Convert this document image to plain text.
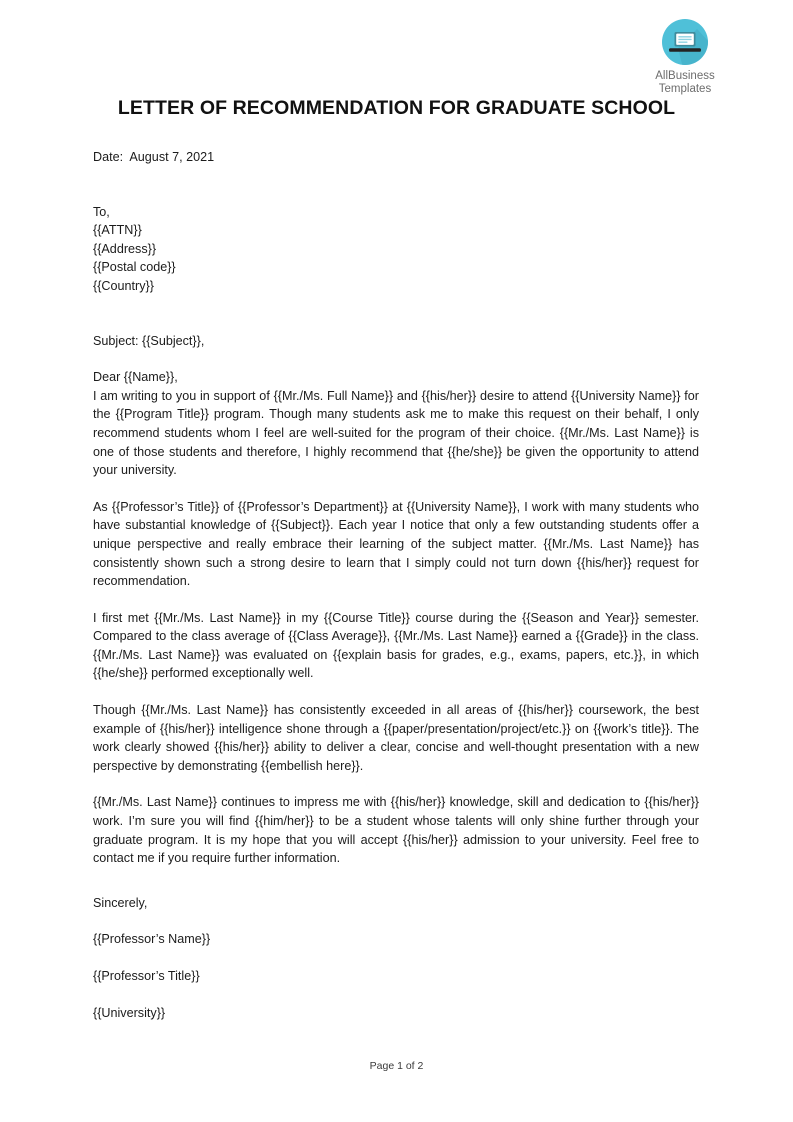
AllBusiness
Templates
LETTER OF RECOMMENDATION FOR GRADUATE SCHOOL
Date:  August 7, 2021
To,
{{ATTN}}
{{Address}}
{{Postal code}}
{{Country}}
Subject: {{Subject}},
Dear {{Name}},

I am writing to you in support of {{Mr./Ms. Full Name}} and {{his/her}} desire to attend {{University Name}} for the {{Program Title}} program. Though many students ask me to make this request on their behalf, I only recommend students whom I feel are well-suited for the program of their choice. {{Mr./Ms. Last Name}} is one of those students and therefore, I highly recommend that {{he/she}} be given the opportunity to attend your university.

As {{Professor’s Title}} of {{Professor’s Department}} at {{University Name}}, I work with many students who have substantial knowledge of {{Subject}}. Each year I notice that only a few outstanding students offer a unique perspective and really embrace their learning of the subject matter. {{Mr./Ms. Last Name}} has consistently shown such a strong desire to learn that I simply could not turn down {{his/her}} request for recommendation.

I first met {{Mr./Ms. Last Name}} in my {{Course Title}} course during the {{Season and Year}} semester. Compared to the class average of {{Class Average}}, {{Mr./Ms. Last Name}} earned a {{Grade}} in the class. {{Mr./Ms. Last Name}} was evaluated on {{explain basis for grades, e.g., exams, papers, etc.}}, in which {{he/she}} performed exceptionally well.

Though {{Mr./Ms. Last Name}} has consistently exceeded in all areas of {{his/her}} coursework, the best example of {{his/her}} intelligence shone through a {{paper/presentation/project/etc.}} on {{work’s title}}. The work clearly showed {{his/her}} ability to deliver a clear, concise and well-thought presentation with a new perspective by demonstrating {{embellish here}}.

{{Mr./Ms. Last Name}} continues to impress me with {{his/her}} knowledge, skill and dedication to {{his/her}} work. I’m sure you will find {{him/her}} to be a student whose talents will only shine further through your graduate program. It is my hope that you will accept {{his/her}} admission to your university. Feel free to contact me if you require further information.

Sincerely,
{{Professor’s Name}}
{{Professor’s Title}}
{{University}}
Page 1 of 2
